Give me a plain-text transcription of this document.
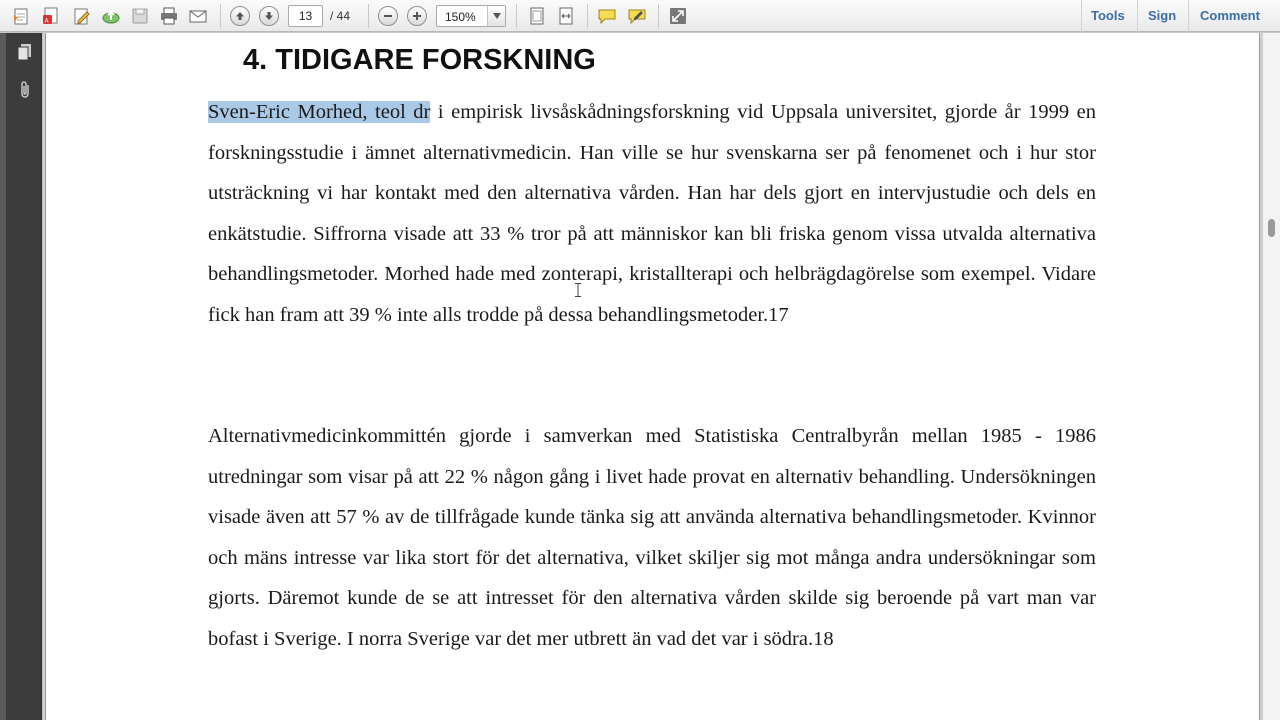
A
13	/ 44	150%	Tools Sign Comment
4. TIDIGARE FORSKNING

Sven-Eric Morhed, teol dr i empirisk livsåskådningsforskning vid Uppsala universitet, gjorde år 1999 en forskningsstudie i ämnet alternativmedicin. Han ville se hur svenskarna ser på fenomenet och i hur stor utsträckning vi har kontakt med den alternativa vården. Han har dels gjort en intervjustudie och dels en enkätstudie. Siffrorna visade att 33 % tror på att människor kan bli friska genom vissa utvalda alternativa behandlingsmetoder. Morhed hade med zonterapi, kristallterapi och helbrägdagörelse som exempel. Vidare fick han fram att 39 % inte alls trodde på dessa behandlingsmetoder.17

Alternativmedicinkommittén gjorde i samverkan med Statistiska Centralbyrån mellan 1985 - 1986 utredningar som visar på att 22 % någon gång i livet hade provat en alternativ behandling. Undersökningen visade även att 57 % av de tillfrågade kunde tänka sig att använda alternativa behandlingsmetoder. Kvinnor och mäns intresse var lika stort för det alternativa, vilket skiljer sig mot många andra undersökningar som gjorts. Däremot kunde de se att intresset för den alternativa vården skilde sig beroende på vart man var bofast i Sverige. I norra Sverige var det mer utbrett än vad det var i södra.18
